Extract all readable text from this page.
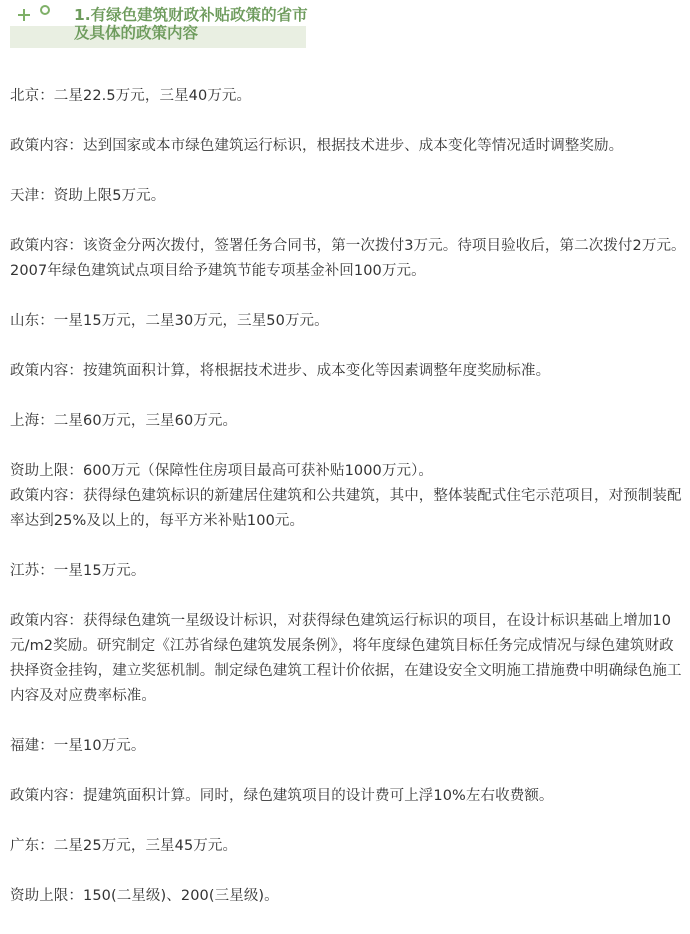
1.有绿色建筑财政补贴政策的省市
及具体的政策内容

北京：二星22.5万元，三星40万元。

政策内容：达到国家或本市绿色建筑运行标识，根据技术进步、成本变化等情况适时调整奖励。

天津：资助上限5万元。

政策内容：该资金分两次拨付，签署任务合同书，第一次拨付3万元。待项目验收后，第二次拨付2万元。2007年绿色建筑试点项目给予建筑节能专项基金补回100万元。

山东：一星15万元，二星30万元，三星50万元。

政策内容：按建筑面积计算，将根据技术进步、成本变化等因素调整年度奖励标准。

上海：二星60万元，三星60万元。

资助上限：600万元（保障性住房项目最高可获补贴1000万元）。

政策内容：获得绿色建筑标识的新建居住建筑和公共建筑，其中，整体装配式住宅示范项目，对预制装配率达到25%及以上的，每平方米补贴100元。

江苏：一星15万元。

政策内容：获得绿色建筑一星级设计标识，对获得绿色建筑运行标识的项目，在设计标识基础上增加10元/m2奖励。研究制定《江苏省绿色建筑发展条例》，将年度绿色建筑目标任务完成情况与绿色建筑财政抉择资金挂钩，建立奖惩机制。制定绿色建筑工程计价依据，在建设安全文明施工措施费中明确绿色施工内容及对应费率标准。

福建：一星10万元。

政策内容：提建筑面积计算。同时，绿色建筑项目的设计费可上浮10%左右收费额。

广东：二星25万元，三星45万元。

资助上限：150(二星级)、200(三星级)。
